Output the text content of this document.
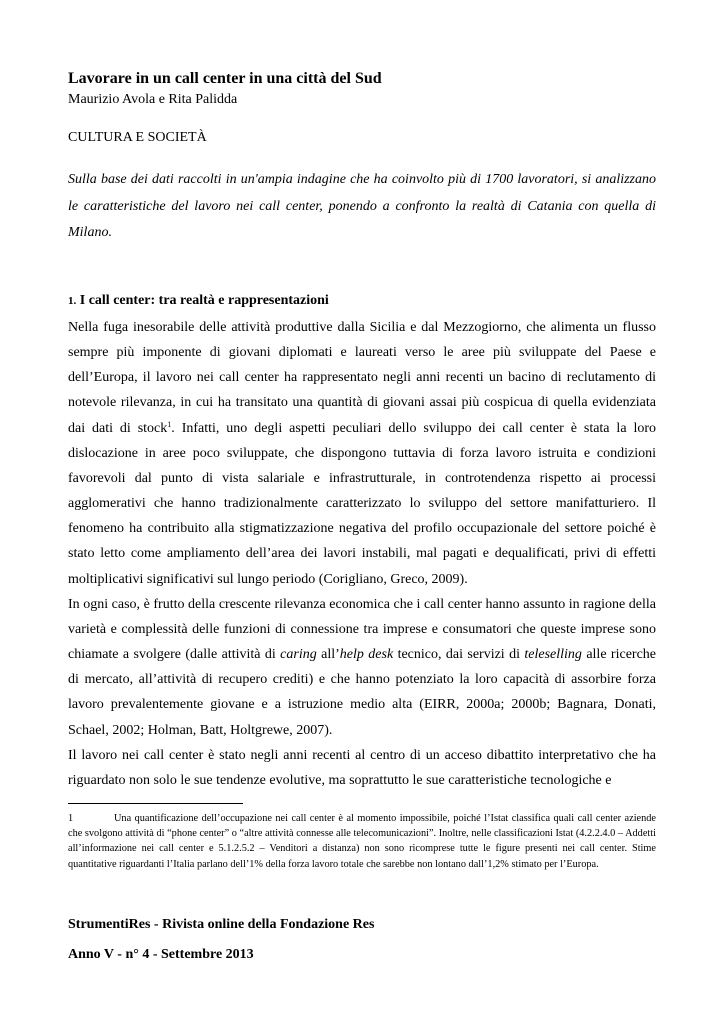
Lavorare in un call center in una città del Sud
Maurizio Avola e Rita Palidda
CULTURA E SOCIETÀ

Sulla base dei dati raccolti in un'ampia indagine che ha coinvolto più di 1700 lavoratori, si analizzano le caratteristiche del lavoro nei call center, ponendo a confronto la realtà di Catania con quella di Milano.

1. I call center: tra realtà e rappresentazioni

Nella fuga inesorabile delle attività produttive dalla Sicilia e dal Mezzogiorno, che alimenta un flusso sempre più imponente di giovani diplomati e laureati verso le aree più sviluppate del Paese e dell’Europa, il lavoro nei call center ha rappresentato negli anni recenti un bacino di reclutamento di notevole rilevanza, in cui ha transitato una quantità di giovani assai più cospicua di quella evidenziata dai dati di stock$^1$. Infatti, uno degli aspetti peculiari dello sviluppo dei call center è stata la loro dislocazione in aree poco sviluppate, che dispongono tuttavia di forza lavoro istruita e condizioni favorevoli dal punto di vista salariale e infrastrutturale, in controtendenza rispetto ai processi agglomerativi che hanno tradizionalmente caratterizzato lo sviluppo del settore manifatturiero. Il fenomeno ha contribuito alla stigmatizzazione negativa del profilo occupazionale del settore poiché è stato letto come ampliamento dell’area dei lavori instabili, mal pagati e dequalificati, privi di effetti moltiplicativi significativi sul lungo periodo (Corigliano, Greco, 2009).

In ogni caso, è frutto della crescente rilevanza economica che i call center hanno assunto in ragione della varietà e complessità delle funzioni di connessione tra imprese e consumatori che queste imprese sono chiamate a svolgere (dalle attività di caring all’help desk tecnico, dai servizi di teleselling alle ricerche di mercato, all’attività di recupero crediti) e che hanno potenziato la loro capacità di assorbire forza lavoro prevalentemente giovane e a istruzione medio alta (EIRR, 2000a; 2000b; Bagnara, Donati, Schael, 2002; Holman, Batt, Holtgrewe, 2007).

Il lavoro nei call center è stato negli anni recenti al centro di un acceso dibattito interpretativo che ha riguardato non solo le sue tendenze evolutive, ma soprattutto le sue caratteristiche tecnologiche e

1	Una quantificazione dell’occupazione nei call center è al momento impossibile, poiché l’Istat classifica quali call center aziende che svolgono attività di “phone center” o “altre attività connesse alle telecomunicazioni”. Inoltre, nelle classificazioni Istat (4.2.2.4.0 – Addetti all’informazione nei call center e 5.1.2.5.2 – Venditori a distanza) non sono ricomprese tutte le figure presenti nei call center. Stime quantitative riguardanti l’Italia parlano dell’1% della forza lavoro totale che sarebbe non lontano dall’1,2% stimato per l’Europa.

StrumentiRes - Rivista online della Fondazione Res
Anno V - n° 4 - Settembre 2013
